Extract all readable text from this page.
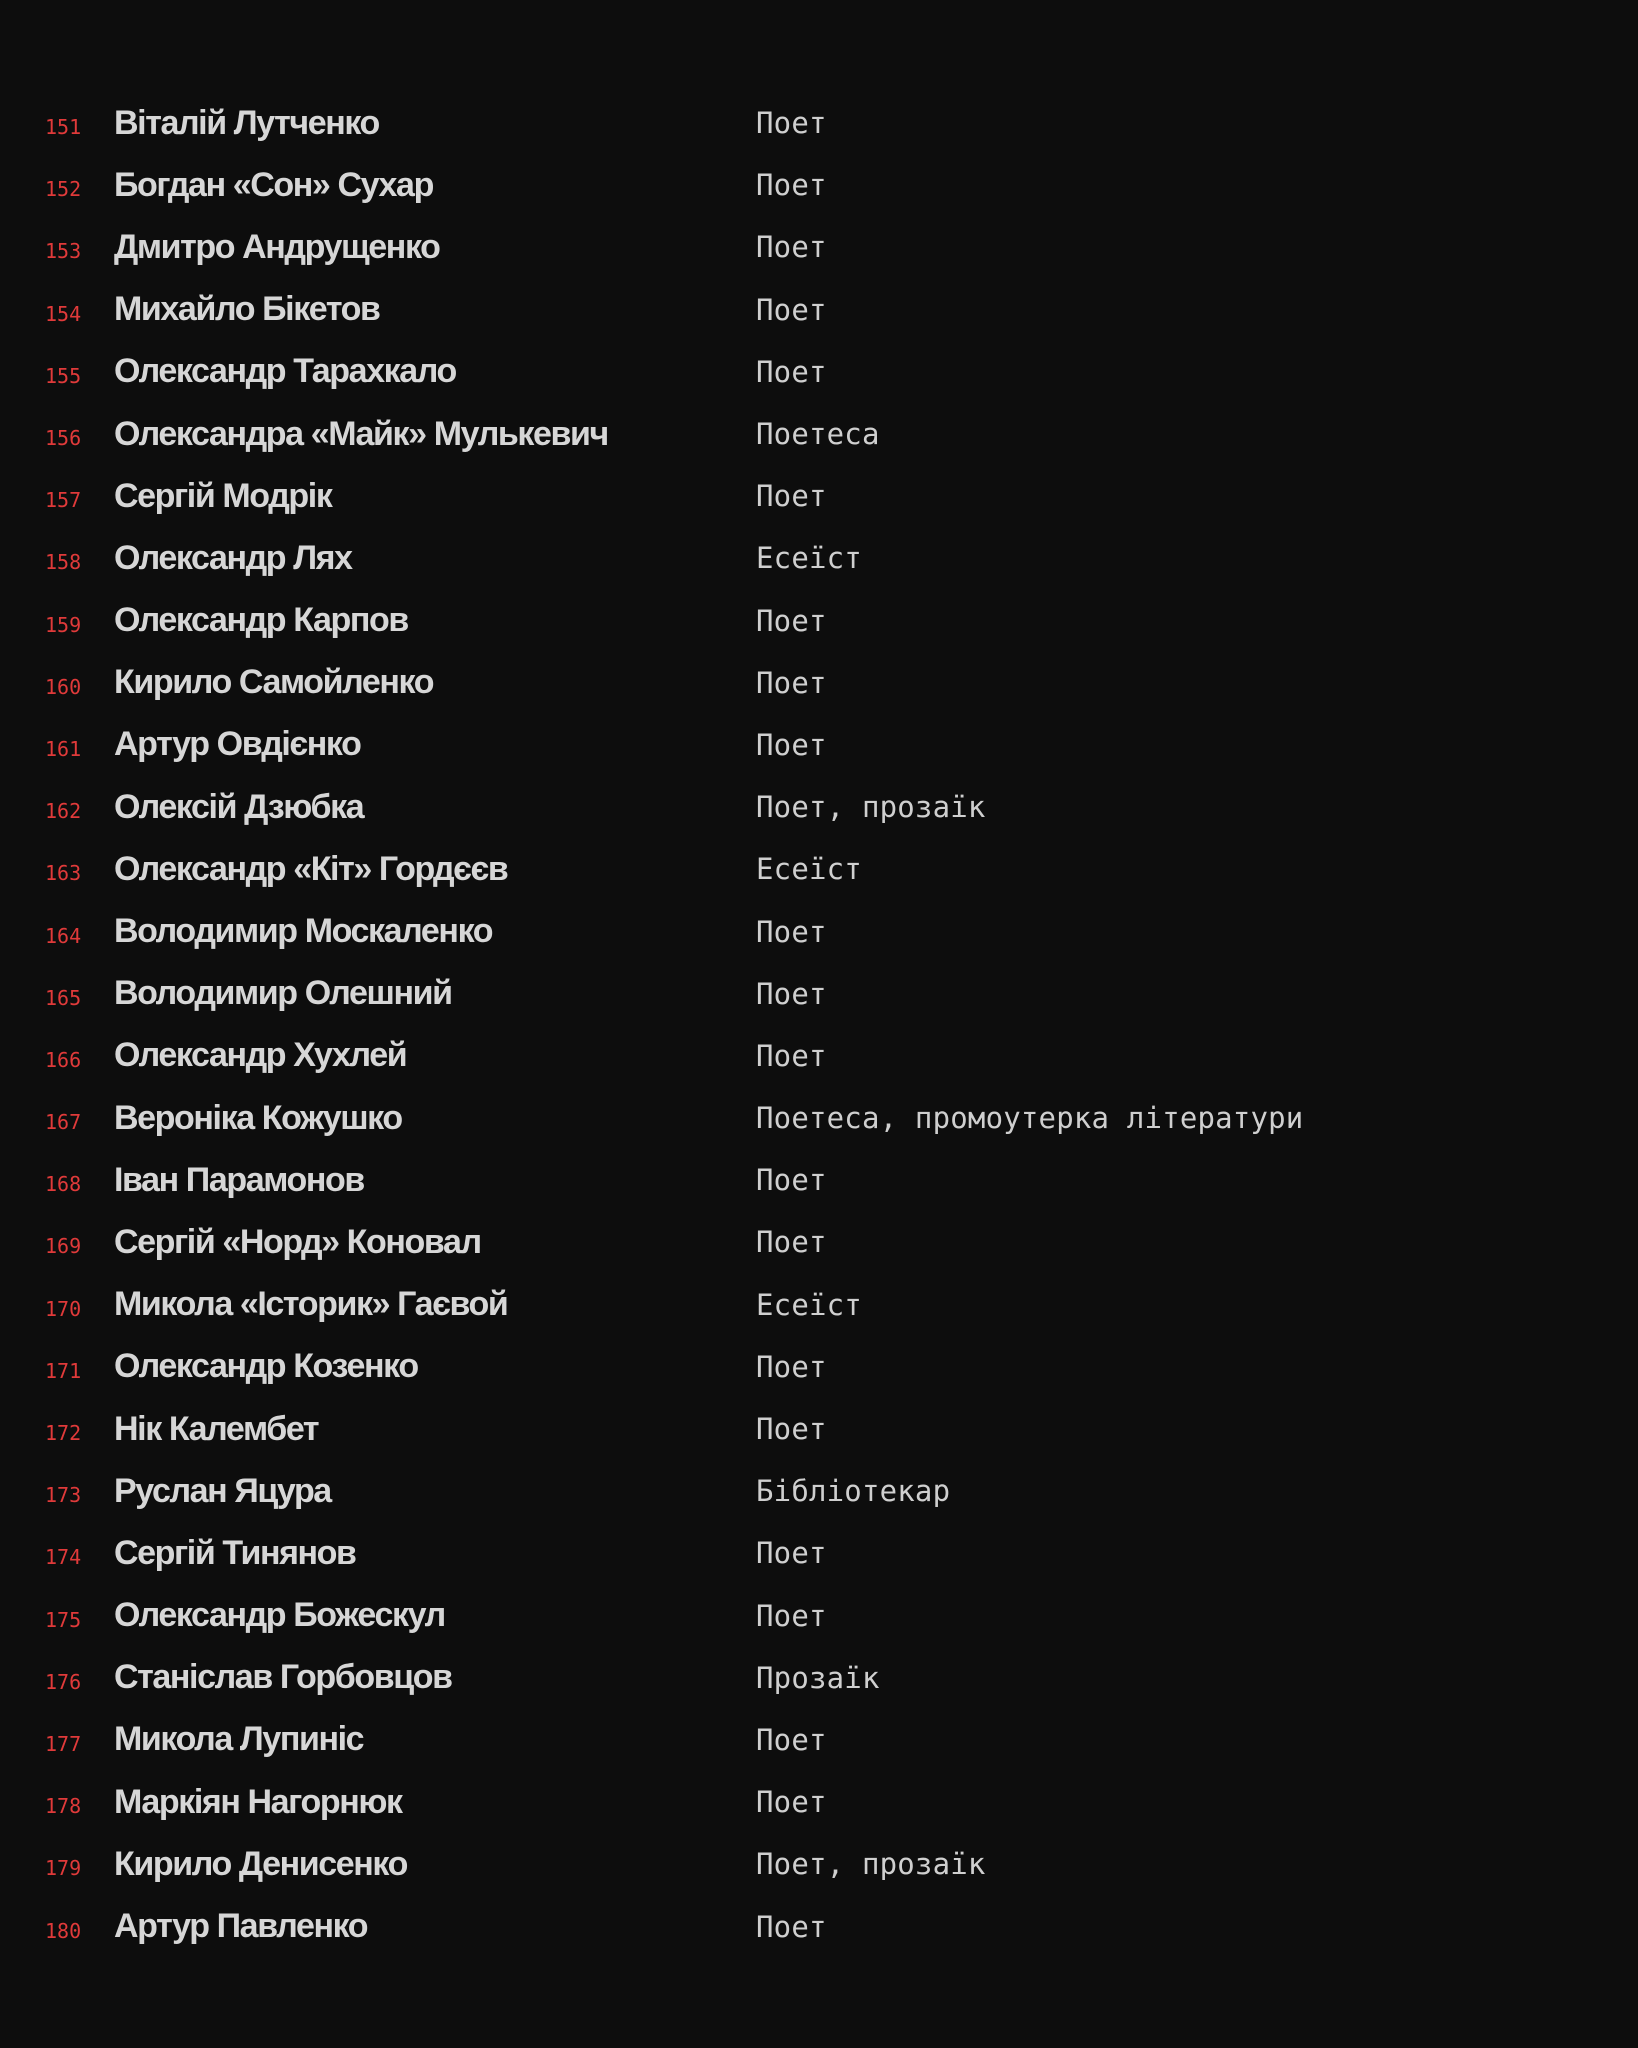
151 Віталій Лутченко	Поет
152 Богдан «Сон» Сухар	Поет
153 Дмитро Андрущенко	Поет
154 Михайло Бікетов	Поет
155 Олександр Тарахкало	Поет
156 Олександра «Майк» Мулькевич	Поетеса
157 Сергій Модрік	Поет
158 Олександр Лях	Есеїст
159 Олександр Карпов	Поет
160 Кирило Самойленко	Поет
161 Артур Овдієнко	Поет
162 Олексій Дзюбка	Поет, прозаїк
163 Олександр «Кіт» Гордєєв	Есеїст
164 Володимир Москаленко	Поет
165 Володимир Олешний	Поет
166 Олександр Хухлей	Поет
167 Вероніка Кожушко	Поетеса, промоутерка літератури
168 Іван Парамонов	Поет
169 Сергій «Норд» Коновал	Поет
170 Микола «Історик» Гаєвой	Есеїст
171 Олександр Козенко	Поет
172 Нік Калембет	Поет
173 Руслан Яцура	Бібліотекар
174 Сергій Тинянов	Поет
175 Олександр Божескул	Поет
176 Станіслав Горбовцов	Прозаїк
177 Микола Лупиніс	Поет
178 Маркіян Нагорнюк	Поет
179 Кирило Денисенко	Поет, прозаїк
180 Артур Павленко	Поет
